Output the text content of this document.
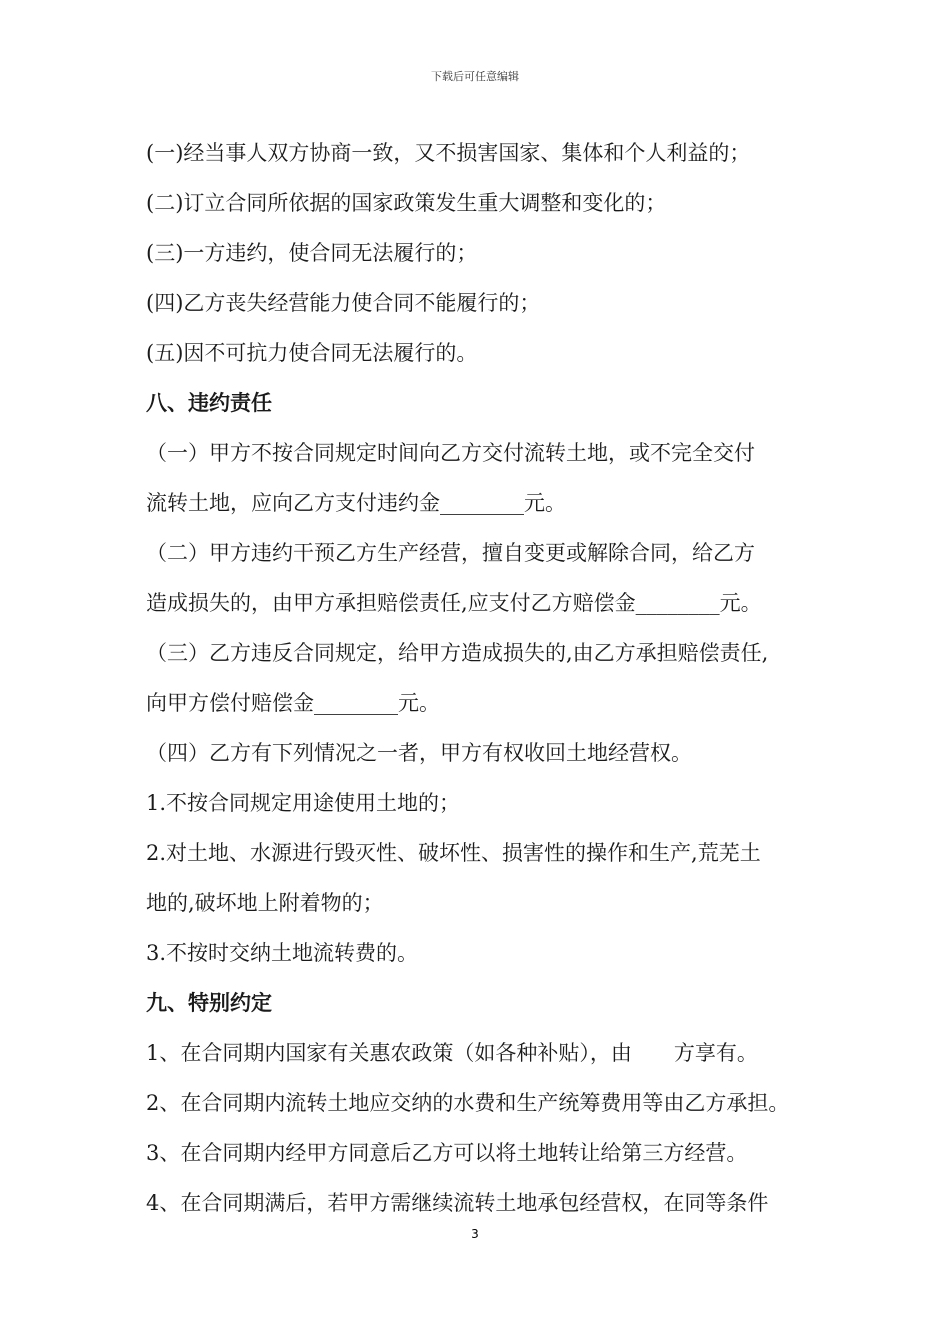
下载后可任意编辑
(一)经当事人双方协商一致，又不损害国家、集体和个人利益的；
(二)订立合同所依据的国家政策发生重大调整和变化的；
(三)一方违约，使合同无法履行的；
(四)乙方丧失经营能力使合同不能履行的；
(五)因不可抗力使合同无法履行的。
八、违约责任
（一）甲方不按合同规定时间向乙方交付流转土地，或不完全交付
流转土地，应向乙方支付违约金________元。
（二）甲方违约干预乙方生产经营，擅自变更或解除合同，给乙方
造成损失的，由甲方承担赔偿责任,应支付乙方赔偿金________元。
（三）乙方违反合同规定，给甲方造成损失的,由乙方承担赔偿责任,
向甲方偿付赔偿金________元。
（四）乙方有下列情况之一者，甲方有权收回土地经营权。
1.不按合同规定用途使用土地的；
2.对土地、水源进行毁灭性、破坏性、损害性的操作和生产,荒芜土
地的,破坏地上附着物的；
3.不按时交纳土地流转费的。
九、特别约定
1、在合同期内国家有关惠农政策（如各种补贴），由　　方享有。
2、在合同期内流转土地应交纳的水费和生产统筹费用等由乙方承担。
3、在合同期内经甲方同意后乙方可以将土地转让给第三方经营。
4、在合同期满后，若甲方需继续流转土地承包经营权，在同等条件
3
